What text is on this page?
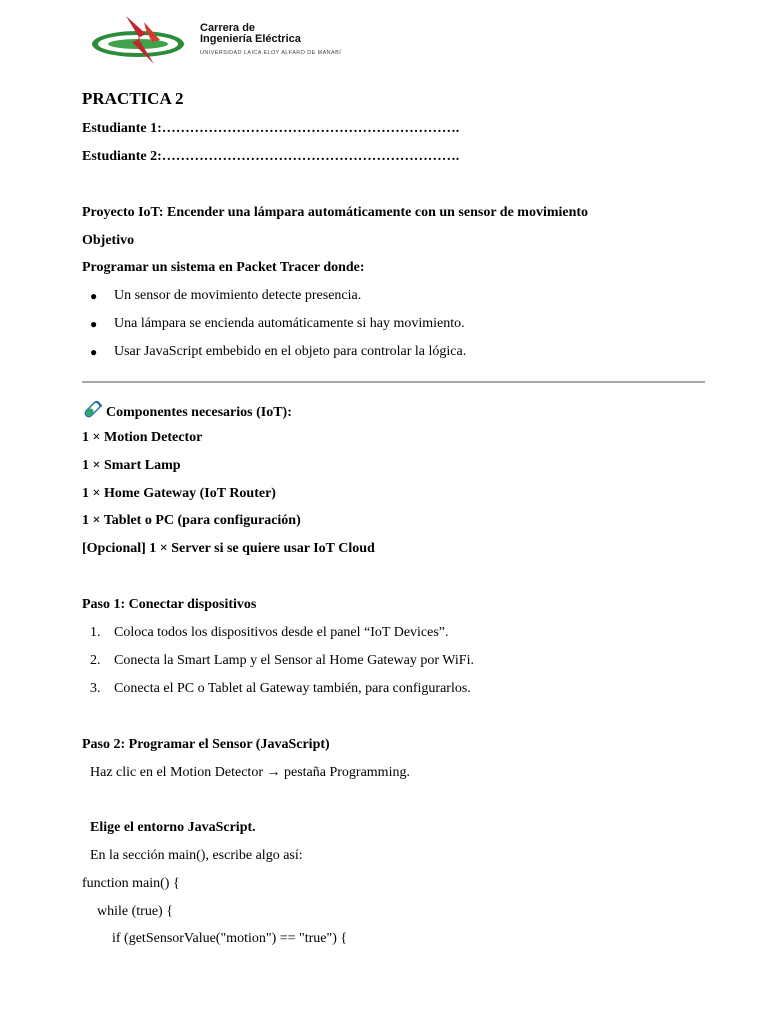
Carrera de
Ingeniería Eléctrica
UNIVERSIDAD LAICA ELOY ALFARO DE MANABÍ
PRACTICA 2
Estudiante 1:……………………………………………………….
Estudiante 2:……………………………………………………….
Proyecto IoT: Encender una lámpara automáticamente con un sensor de movimiento
Objetivo
Programar un sistema en Packet Tracer donde:
● Un sensor de movimiento detecte presencia.
● Una lámpara se encienda automáticamente si hay movimiento.
● Usar JavaScript embebido en el objeto para controlar la lógica.
Componentes necesarios (IoT):
1 × Motion Detector
1 × Smart Lamp
1 × Home Gateway (IoT Router)
1 × Tablet o PC (para configuración)
[Opcional] 1 × Server si se quiere usar IoT Cloud
Paso 1: Conectar dispositivos
1. Coloca todos los dispositivos desde el panel “IoT Devices”.
2. Conecta la Smart Lamp y el Sensor al Home Gateway por WiFi.
3. Conecta el PC o Tablet al Gateway también, para configurarlos.
Paso 2: Programar el Sensor (JavaScript)
Haz clic en el Motion Detector → pestaña Programming.
Elige el entorno JavaScript.
En la sección main(), escribe algo así:
function main() {
while (true) {
if (getSensorValue("motion") == "true") {
